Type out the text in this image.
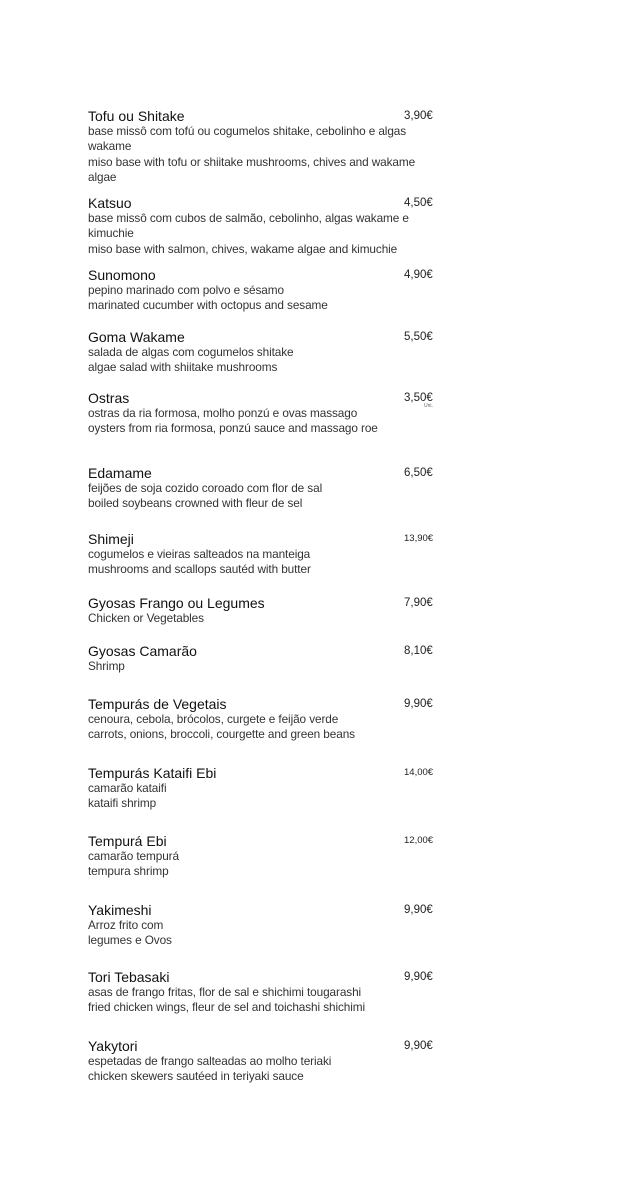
Tofu ou Shitake
base missô com tofú ou cogumelos shitake, cebolinho e algas
wakame
miso base with tofu or shiitake mushrooms, chives and wakame
algae
3,90€
Katsuo
base missô com cubos de salmão, cebolinho, algas wakame e
kimuchie
miso base with salmon, chives, wakame algae and kimuchie
4,50€
Sunomono
pepino marinado com polvo e sésamo
marinated cucumber with octopus and sesame
4,90€
Goma Wakame
salada de algas com cogumelos shitake
algae salad with shiitake mushrooms
5,50€
Ostras
ostras da ria formosa, molho ponzú e ovas massago
oysters from ria formosa, ponzú sauce and massago roe
3,50€
Uni.
Edamame
feijões de soja cozido coroado com flor de sal
boiled soybeans crowned with fleur de sel
6,50€
Shimeji
cogumelos e vieiras salteados na manteiga
mushrooms and scallops sautéd with butter
13,90€
Gyosas Frango ou Legumes
Chicken or Vegetables
7,90€
Gyosas Camarão
Shrimp
8,10€
Tempurás de Vegetais
cenoura, cebola, brócolos, curgete e feijão verde
carrots, onions, broccoli, courgette and green beans
9,90€
Tempurás Kataifi Ebi
camarão kataifi
kataifi shrimp
14,00€
Tempurá Ebi
camarão tempurá
tempura shrimp
12,00€
Yakimeshi
Arroz frito com
legumes e Ovos
9,90€
Tori Tebasaki
asas de frango fritas, flor de sal e shichimi tougarashi
fried chicken wings, fleur de sel and toichashi shichimi
9,90€
Yakytori
espetadas de frango salteadas ao molho teriaki
chicken skewers sautéed in teriyaki sauce
9,90€
